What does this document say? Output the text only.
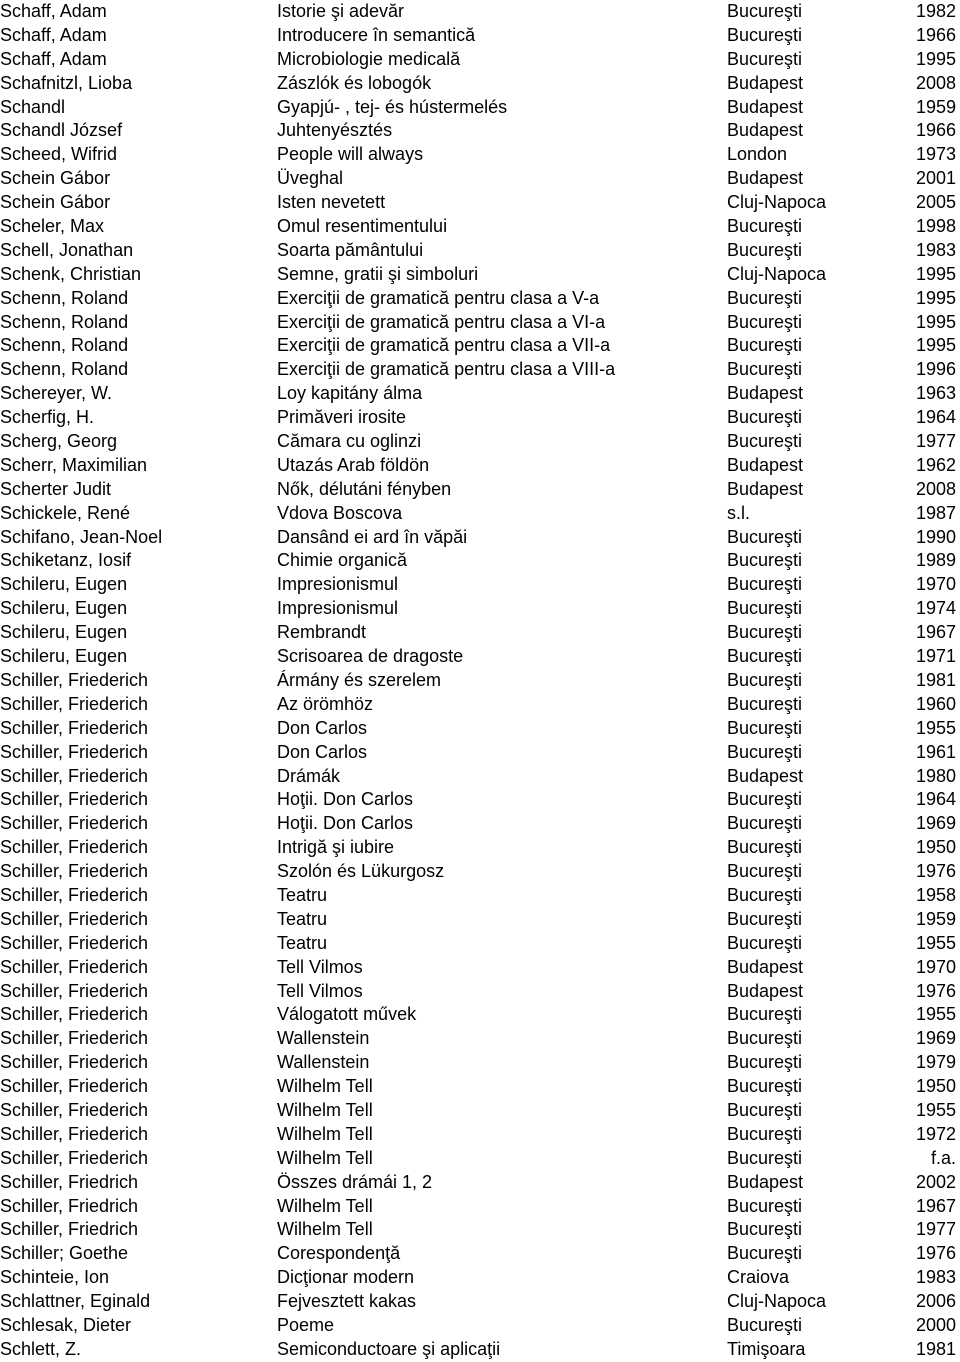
Schaff, Adam	Istorie şi adevăr	Bucureşti	1982
Schaff, Adam	Introducere în semantică	Bucureşti	1966
Schaff, Adam	Microbiologie medicală	Bucureşti	1995
Schafnitzl, Lioba	Zászlók és lobogók	Budapest	2008
Schandl	Gyapjú- , tej- és hústermelés	Budapest	1959
Schandl József	Juhtenyésztés	Budapest	1966
Scheed, Wifrid	People will always	London	1973
Schein Gábor	Üveghal	Budapest	2001
Schein Gábor	Isten nevetett	Cluj-Napoca	2005
Scheler, Max	Omul resentimentului	Bucureşti	1998
Schell, Jonathan	Soarta pământului	Bucureşti	1983
Schenk, Christian	Semne, gratii şi simboluri	Cluj-Napoca	1995
Schenn, Roland	Exerciţii de gramatică pentru clasa a V-a	Bucureşti	1995
Schenn, Roland	Exerciţii de gramatică pentru clasa a VI-a	Bucureşti	1995
Schenn, Roland	Exerciţii de gramatică pentru clasa a VII-a	Bucureşti	1995
Schenn, Roland	Exerciţii de gramatică pentru clasa a VIII-a	Bucureşti	1996
Schereyer, W.	Loy kapitány álma	Budapest	1963
Scherfig, H.	Primăveri irosite	Bucureşti	1964
Scherg, Georg	Cămara cu oglinzi	Bucureşti	1977
Scherr, Maximilian	Utazás Arab földön	Budapest	1962
Scherter Judit	Nők, délutáni fényben	Budapest	2008
Schickele, René	Vdova Boscova	s.l.	1987
Schifano, Jean-Noel	Dansând ei ard în văpăi	Bucureşti	1990
Schiketanz, Iosif	Chimie organică	Bucureşti	1989
Schileru, Eugen	Impresionismul	Bucureşti	1970
Schileru, Eugen	Impresionismul	Bucureşti	1974
Schileru, Eugen	Rembrandt	Bucureşti	1967
Schileru, Eugen	Scrisoarea de dragoste	Bucureşti	1971
Schiller, Friederich	Ármány és szerelem	Bucureşti	1981
Schiller, Friederich	Az örömhöz	Bucureşti	1960
Schiller, Friederich	Don Carlos	Bucureşti	1955
Schiller, Friederich	Don Carlos	Bucureşti	1961
Schiller, Friederich	Drámák	Budapest	1980
Schiller, Friederich	Hoţii. Don Carlos	Bucureşti	1964
Schiller, Friederich	Hoţii. Don Carlos	Bucureşti	1969
Schiller, Friederich	Intrigă şi iubire	Bucureşti	1950
Schiller, Friederich	Szolón és Lükurgosz	Bucureşti	1976
Schiller, Friederich	Teatru	Bucureşti	1958
Schiller, Friederich	Teatru	Bucureşti	1959
Schiller, Friederich	Teatru	Bucureşti	1955
Schiller, Friederich	Tell Vilmos	Budapest	1970
Schiller, Friederich	Tell Vilmos	Budapest	1976
Schiller, Friederich	Válogatott művek	Bucureşti	1955
Schiller, Friederich	Wallenstein	Bucureşti	1969
Schiller, Friederich	Wallenstein	Bucureşti	1979
Schiller, Friederich	Wilhelm Tell	Bucureşti	1950
Schiller, Friederich	Wilhelm Tell	Bucureşti	1955
Schiller, Friederich	Wilhelm Tell	Bucureşti	1972
Schiller, Friederich	Wilhelm Tell	Bucureşti	f.a.
Schiller, Friedrich	Összes drámái 1, 2	Budapest	2002
Schiller, Friedrich	Wilhelm Tell	Bucureşti	1967
Schiller, Friedrich	Wilhelm Tell	Bucureşti	1977
Schiller; Goethe	Corespondenţă	Bucureşti	1976
Schinteie, Ion	Dicţionar modern	Craiova	1983
Schlattner, Eginald	Fejvesztett kakas	Cluj-Napoca	2006
Schlesak, Dieter	Poeme	Bucureşti	2000
Schlett, Z.	Semiconductoare şi aplicaţii	Timişoara	1981
